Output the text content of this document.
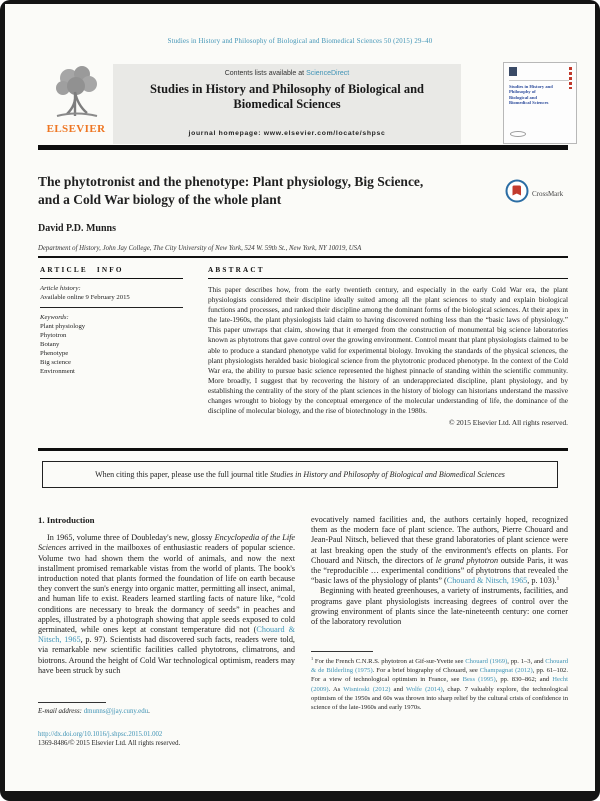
Studies in History and Philosophy of Biological and Biomedical Sciences 50 (2015) 29–40
ELSEVIER
Contents lists available at ScienceDirect
Studies in History and Philosophy of Biological and
Biomedical Sciences
journal homepage: www.elsevier.com/locate/shpsc
Studies in History and Philosophy of Biological and Biomedical Sciences
The phytotronist and the phenotype: Plant physiology, Big Science,
and a Cold War biology of the whole plant	CrossMark
David P.D. Munns
Department of History, John Jay College, The City University of New York, 524 W. 59th St., New York, NY 10019, USA
ARTICLE INFO
Article history:
Available online 9 February 2015
Keywords:
Plant physiology
Phytotron
Botany
Phenotype
Big science
Environment
ABSTRACT
This paper describes how, from the early twentieth century, and especially in the early Cold War era, the plant physiologists considered their discipline ideally suited among all the plant sciences to study and explain biological functions and processes, and ranked their discipline among the dominant forms of the biological sciences. At their apex in the late-1960s, the plant physiologists laid claim to having discovered nothing less than the “basic laws of physiology.” This paper unwraps that claim, showing that it emerged from the construction of monumental big science laboratories known as phytotrons that gave control over the growing environment. Control meant that plant physiologists claimed to be able to produce a standard phenotype valid for experimental biology. Invoking the standards of the physical sciences, the plant physiologists heralded basic biological science from the phytotronic produced phenotype. In the context of the Cold War era, the ability to pursue basic science represented the highest pinnacle of standing within the scientific community. More broadly, I suggest that by recovering the history of an underappreciated discipline, plant physiology, and by establishing the centrality of the story of the plant sciences in the history of biology can historians understand the massive changes wrought to biology by the conceptual emergence of the molecular understanding of life, the dominance of the discipline of molecular biology, and the rise of biotechnology in the 1980s.
© 2015 Elsevier Ltd. All rights reserved.
When citing this paper, please use the full journal title Studies in History and Philosophy of Biological and Biomedical Sciences
1. Introduction

In 1965, volume three of Doubleday's new, glossy Encyclopedia of the Life Sciences arrived in the mailboxes of enthusiastic readers of popular science. Volume two had shown them the world of animals, and now the next installment promised remarkable vistas from the world of plants. The book's introduction noted that plants formed the foundation of life on earth because they convert the sun's energy into organic matter, permitting all insect, animal, and human life to exist. Readers learned startling facts of nature like, “cold conditions are necessary to break the dormancy of seeds” in peaches and apples, illustrated by a photograph showing that apple seeds exposed to cold germinated, while ones kept at constant temperature did not (Chouard & Nitsch, 1965, p. 97). Scientists had discovered such facts, readers were told, via remarkable new scientific facilities called phytotrons, climatrons, and biotrons. Around the height of Cold War technological optimism, readers may have been struck by such

evocatively named facilities and, the authors certainly hoped, recognized them as the modern face of plant science. The authors, Pierre Chouard and Jean-Paul Nitsch, believed that these grand laboratories of plant science were at last breaking open the study of the environment's effects on plants. For Chouard and Nitsch, the directors of le grand phytotron outside Paris, it was the “reproducible … experimental conditions” of phytotrons that revealed the “basic laws of the physiology of plants” (Chouard & Nitsch, 1965, p. 103).$^1$

Beginning with heated greenhouses, a variety of instruments, facilities, and programs gave plant physiologists increasing degrees of control over the growing environment of plants since the late-nineteenth century: one corner of the laboratory revolution

$^1$ For the French C.N.R.S. phytotron at Gif-sur-Yvette see Chouard (1969), pp. 1–3, and Chouard & de Bilderling (1975). For a brief biography of Chouard, see Champagnat (2012), pp. 61–102. For a view of technological optimism in France, see Bess (1995), pp. 830–862; and Hecht (2009). As Wisnioski (2012) and Wolfe (2014), chap. 7 valuably explore, the technological optimism of the 1950s and 60s was thrown into sharp relief by the cultural crisis of confidence in science of the late-1960s and early 1970s.
E-mail address: dmunns@jjay.cuny.edu.
http://dx.doi.org/10.1016/j.shpsc.2015.01.002
1369-8486/© 2015 Elsevier Ltd. All rights reserved.
